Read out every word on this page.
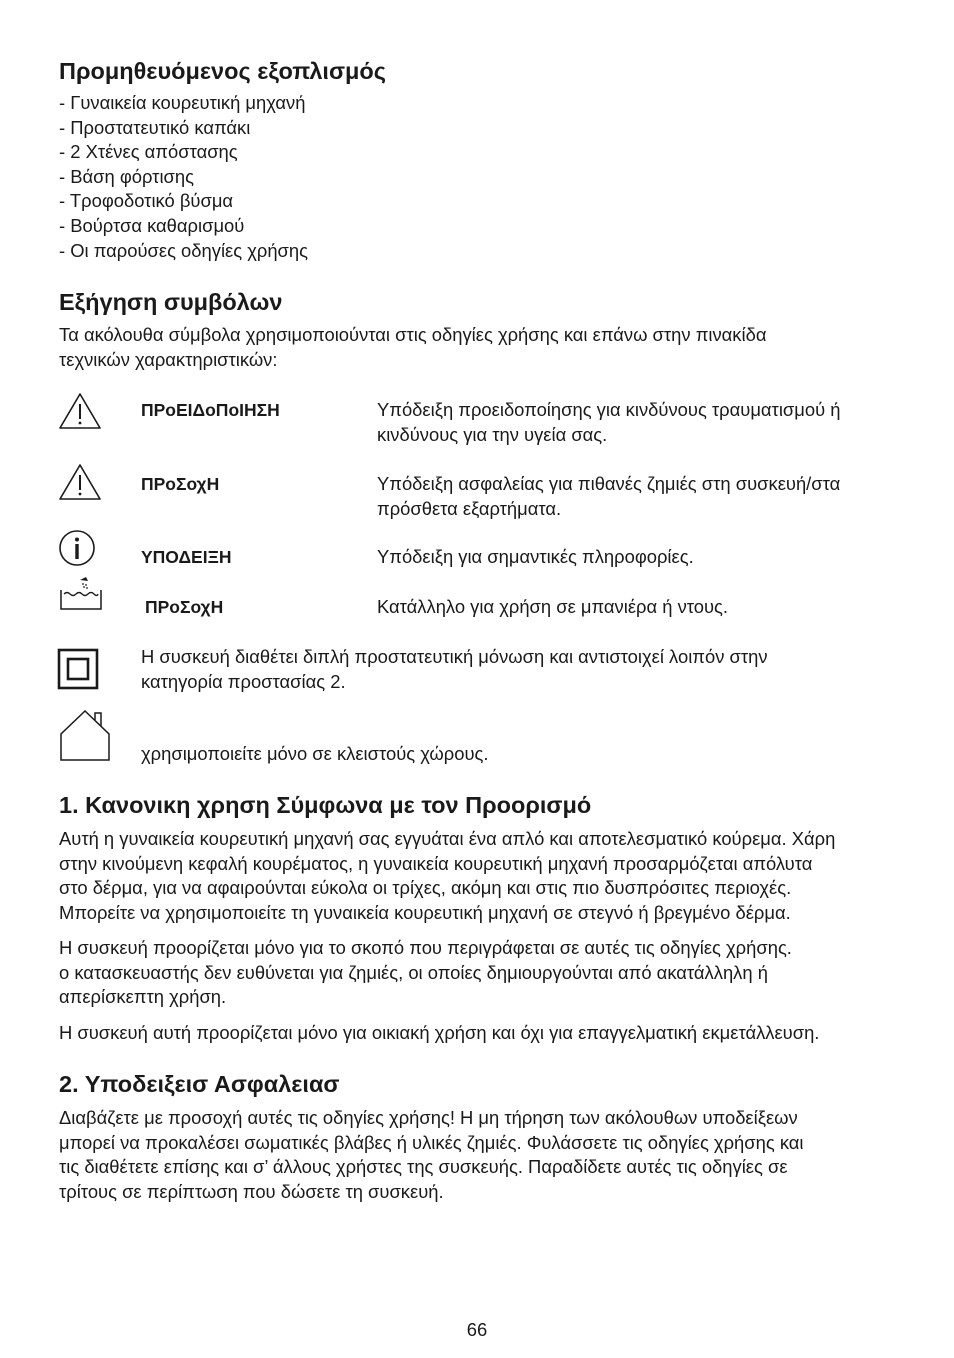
Προμηθευόμενος εξοπλισμός
- Γυναικεία κουρευτική μηχανή
- Προστατευτικό καπάκι
- 2 Χτένες απόστασης
- Βάση φόρτισης
- Τροφοδοτικό βύσμα
- Βούρτσα καθαρισμού
- Οι παρούσες οδηγίες χρήσης
Εξήγηση συμβόλων

Τα ακόλουθα σύμβολα χρησιμοποιούνται στις οδηγίες χρήσης και επάνω στην πινακίδα

τεχνικών χαρακτηριστικών:

ΠΡοΕΙΔοΠοΙΗΣΗ	Υπόδειξη προειδοποίησης για κινδύνους τραυματισμού ή

κινδύνους για την υγεία σας.

ΠΡοΣοχΗ	Υπόδειξη ασφαλείας για πιθανές ζημιές στη συσκευή/στα

πρόσθετα εξαρτήματα.

ΥΠΟΔΕΙΞΗ	Υπόδειξη για σημαντικές πληροφορίες.

ΠΡοΣοχΗ	Κατάλληλο για χρήση σε μπανιέρα ή ντους.

Η συσκευή διαθέτει διπλή προστατευτική μόνωση και αντιστοιχεί λοιπόν στην

κατηγορία προστασίας 2.

χρησιμοποιείτε μόνο σε κλειστούς χώρους.

1. Κανονικη χρηση Σύμφωνα με τον Προορισμό

Αυτή η γυναικεία κουρευτική μηχανή σας εγγυάται ένα απλό και αποτελεσματικό κούρεμα. Χάρη

στην κινούμενη κεφαλή κουρέματος, η γυναικεία κουρευτική μηχανή προσαρμόζεται απόλυτα

στο δέρμα, για να αφαιρούνται εύκολα οι τρίχες, ακόμη και στις πιο δυσπρόσιτες περιοχές.

Μπορείτε να χρησιμοποιείτε τη γυναικεία κουρευτική μηχανή σε στεγνό ή βρεγμένο δέρμα.

Η συσκευή προορίζεται μόνο για το σκοπό που περιγράφεται σε αυτές τις οδηγίες χρήσης.

ο κατασκευαστής δεν ευθύνεται για ζημιές, οι οποίες δημιουργούνται από ακατάλληλη ή

απερίσκεπτη χρήση.

Η συσκευή αυτή προορίζεται μόνο για οικιακή χρήση και όχι για επαγγελματική εκμετάλλευση.

2. Υποδειξεισ Ασφαλειασ

Διαβάζετε με προσοχή αυτές τις οδηγίες χρήσης! Η μη τήρηση των ακόλουθων υποδείξεων

μπορεί να προκαλέσει σωματικές βλάβες ή υλικές ζημιές. Φυλάσσετε τις οδηγίες χρήσης και

τις διαθέτετε επίσης και σ’ άλλους χρήστες της συσκευής. Παραδίδετε αυτές τις οδηγίες σε

τρίτους σε περίπτωση που δώσετε τη συσκευή.

66
